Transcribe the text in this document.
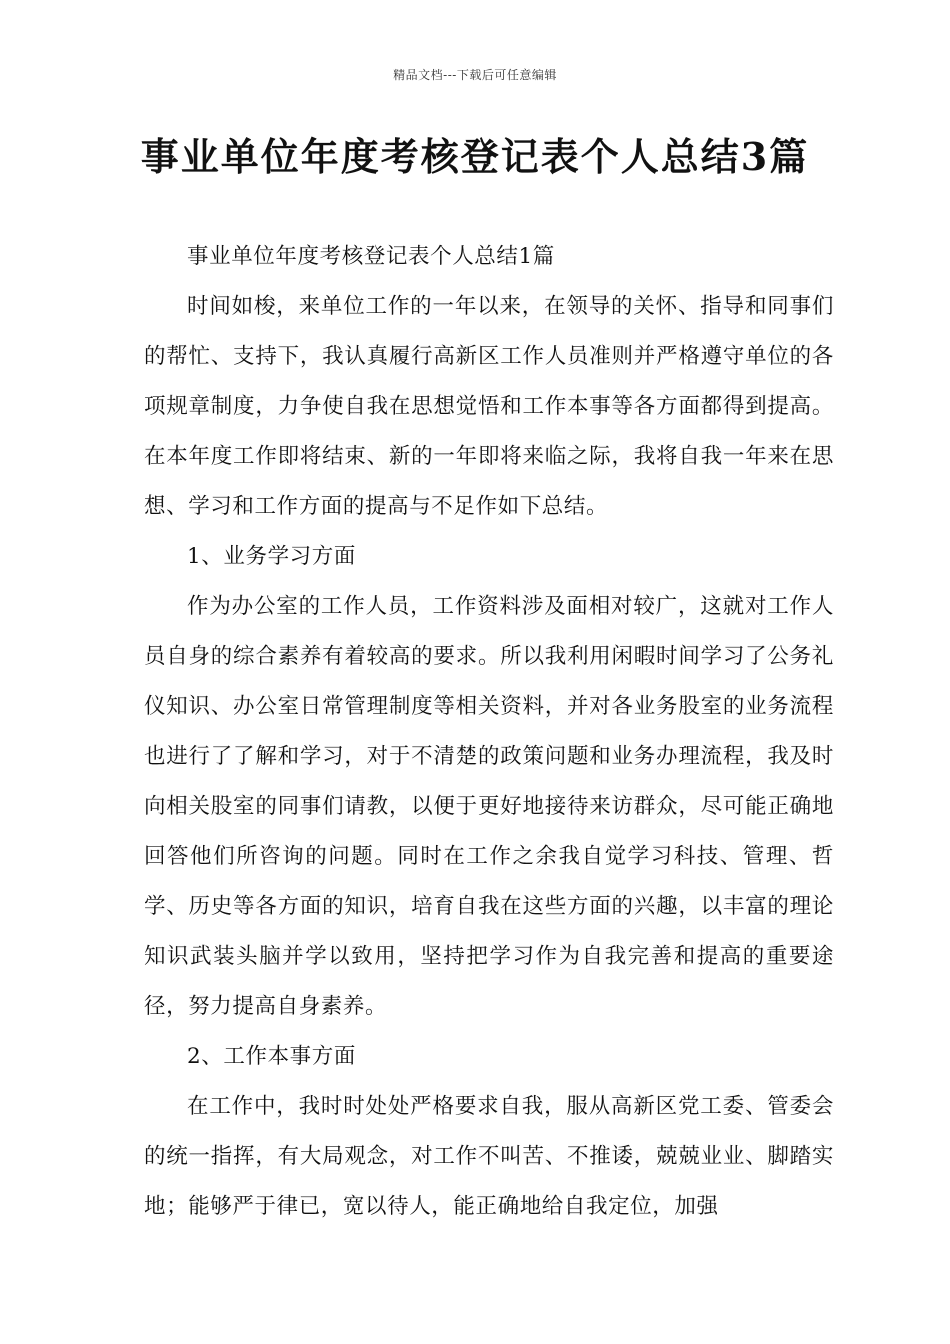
精品文档---下载后可任意编辑
事业单位年度考核登记表个人总结3篇

事业单位年度考核登记表个人总结1篇

时间如梭，来单位工作的一年以来，在领导的关怀、指导和同事们的帮忙、支持下，我认真履行高新区工作人员准则并严格遵守单位的各项规章制度，力争使自我在思想觉悟和工作本事等各方面都得到提高。在本年度工作即将结束、新的一年即将来临之际，我将自我一年来在思想、学习和工作方面的提高与不足作如下总结。

1、业务学习方面

作为办公室的工作人员，工作资料涉及面相对较广，这就对工作人员自身的综合素养有着较高的要求。所以我利用闲暇时间学习了公务礼仪知识、办公室日常管理制度等相关资料，并对各业务股室的业务流程也进行了了解和学习，对于不清楚的政策问题和业务办理流程，我及时向相关股室的同事们请教，以便于更好地接待来访群众，尽可能正确地回答他们所咨询的问题。同时在工作之余我自觉学习科技、管理、哲学、历史等各方面的知识，培育自我在这些方面的兴趣，以丰富的理论知识武装头脑并学以致用，坚持把学习作为自我完善和提高的重要途径，努力提高自身素养。

2、工作本事方面

在工作中，我时时处处严格要求自我，服从高新区党工委、管委会的统一指挥，有大局观念，对工作不叫苦、不推诿，兢兢业业、脚踏实地；能够严于律已，宽以待人，能正确地给自我定位，加强
